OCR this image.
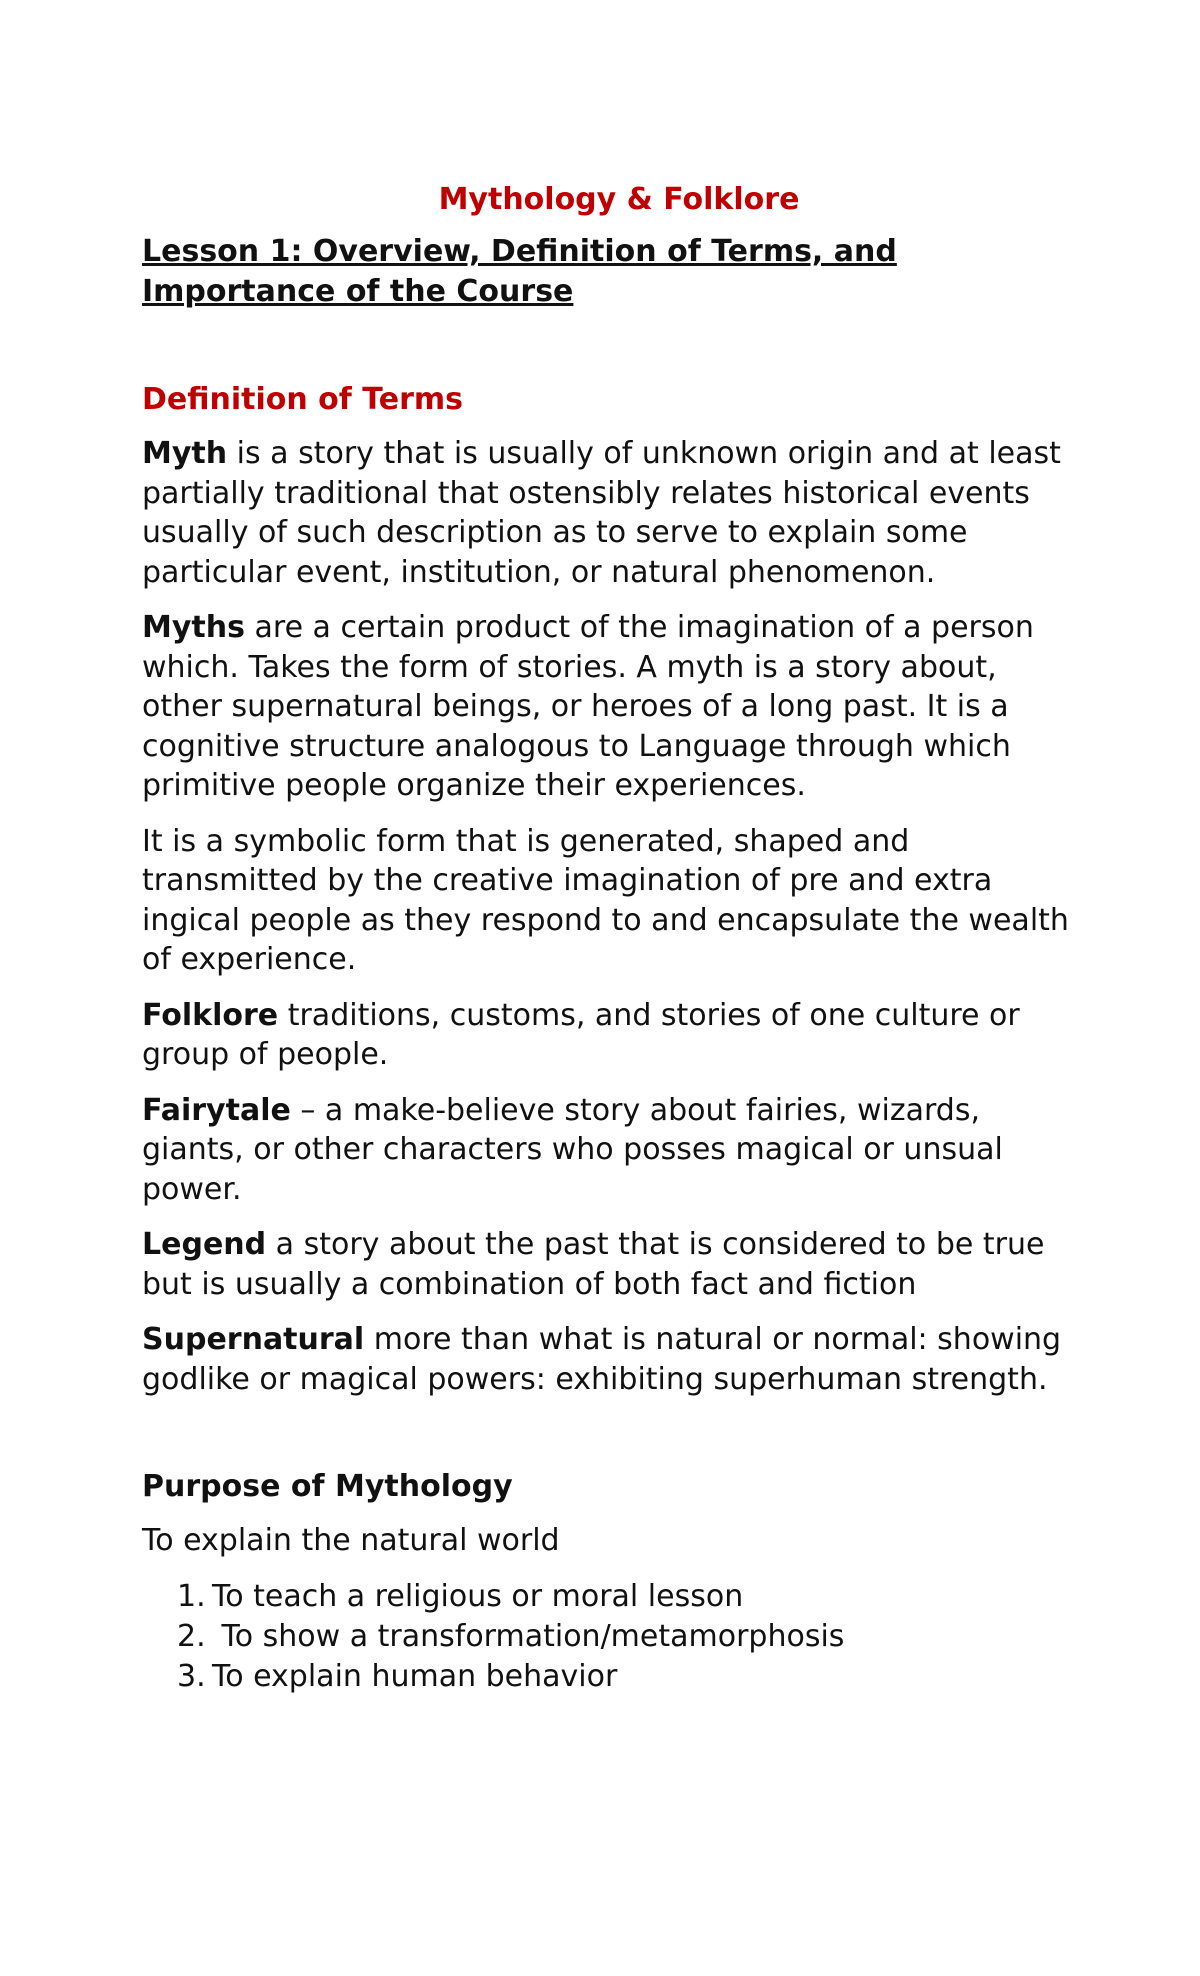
Mythology & Folklore
Lesson 1: Overview, Definition of Terms, and Importance of the Course
Definition of Terms

Myth is a story that is usually of unknown origin and at least partially traditional that ostensibly relates historical events usually of such description as to serve to explain some particular event, institution, or natural phenomenon.

Myths are a certain product of the imagination of a person which. Takes the form of stories. A myth is a story about, other supernatural beings, or heroes of a long past. It is a cognitive structure analogous to Language through which primitive people organize their experiences.

It is a symbolic form that is generated, shaped and transmitted by the creative imagination of pre and extra ingical people as they respond to and encapsulate the wealth of experience.

Folklore traditions, customs, and stories of one culture or group of people.

Fairytale – a make-believe story about fairies, wizards, giants, or other characters who posses magical or unsual power.

Legend a story about the past that is considered to be true but is usually a combination of both fact and fiction

Supernatural more than what is natural or normal: showing godlike or magical powers: exhibiting superhuman strength.

Purpose of Mythology

To explain the natural world

1. To teach a religious or moral lesson
2. To show a transformation/metamorphosis
3. To explain human behavior
